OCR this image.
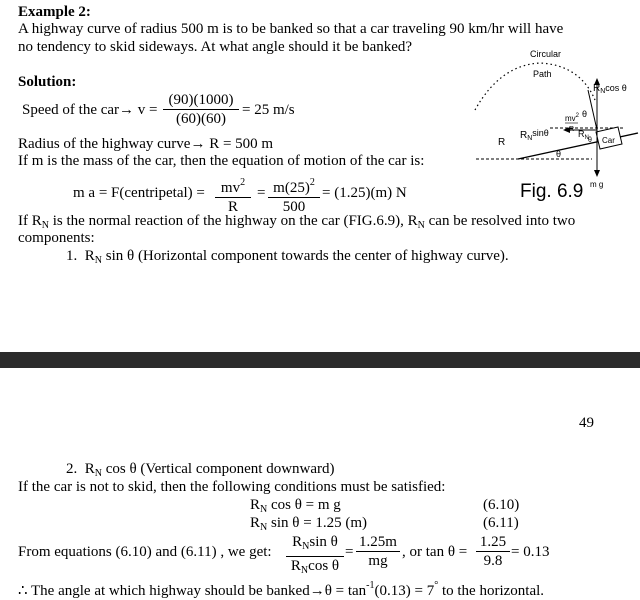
Example 2:
A highway curve of radius 500 m is to be banked so that a car traveling 90 km/hr will have
no tendency to skid sideways. At what angle should it be banked?
Solution:
Speed of the $car\to v = \frac{(90)(1000)}{(60)(60)} = 25$ m/s
Radius of the highway curve→ R = 500 m
If m is the mass of the car, then the equation of motion of the car is:
m a = F(centripetal) = $\frac{mv^2}{R} = \frac{m(25)^2}{500} = (1.25)(m)$ N
If $R_N$ is the normal reaction of the highway on the car (FIG.6.9), $R_N$ can be resolved into two
components:
1. $R_N$ sin θ (Horizontal component towards the center of highway curve).
Circular
Path
$R_N\cos$ θ
θ
$mv^2$
R
R
$R_N\sin\theta$	$R_N$ θ
θ
Car
m g
Fig. 6.9
49
2. $R_N$ cos θ (Vertical component downward)
If the car is not to skid, then the following conditions must be satisfied:
$R_N$ cos θ = m g	(6.10)
$R_N$ sin θ = 1.25 (m)	(6.11)
From equations (6.10) and (6.11) , we get: $\frac{R_N\sin \theta}{R_N\cos \theta} = \frac{1.25m}{mg}$ , or $\tan \theta = \frac{1.25}{9.8} = 0.13$
∴ The angle at which highway should be banked→θ = $\tan^{-1}(0.13) = 7^\circ$ to the horizontal.
